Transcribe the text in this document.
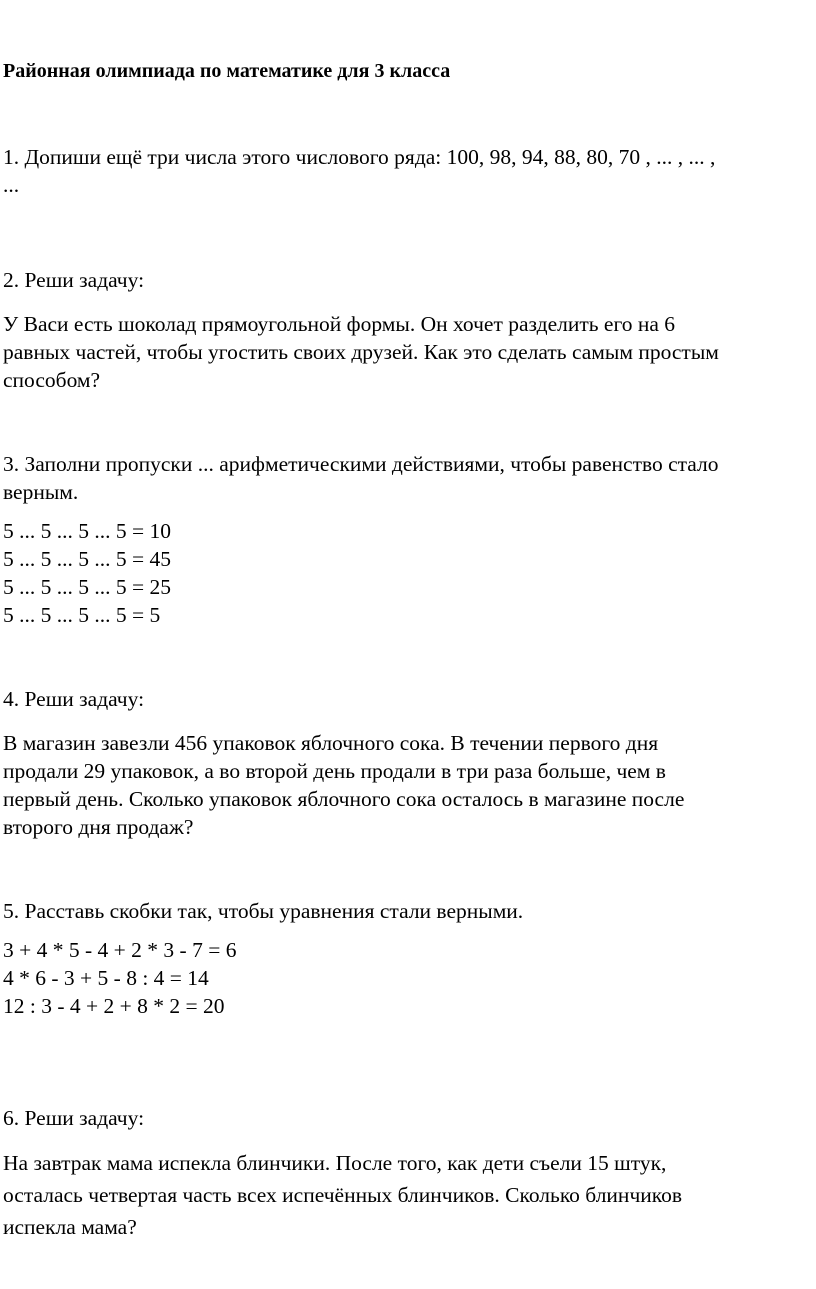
Районная олимпиада по математике для 3 класса
1. Допиши ещё три числа этого числового ряда: 100, 98, 94, 88, 80, 70 , ... , ... ,
...
2. Реши задачу:
У Васи есть шоколад прямоугольной формы. Он хочет разделить его на 6
равных частей, чтобы угостить своих друзей. Как это сделать самым простым
способом?
3. Заполни пропуски ... арифметическими действиями, чтобы равенство стало
верным.
5 ... 5 ... 5 ... 5 = 10
5 ... 5 ... 5 ... 5 = 45
5 ... 5 ... 5 ... 5 = 25
5 ... 5 ... 5 ... 5 = 5
4. Реши задачу:
В магазин завезли 456 упаковок яблочного сока. В течении первого дня
продали 29 упаковок, а во второй день продали в три раза больше, чем в
первый день. Сколько упаковок яблочного сока осталось в магазине после
второго дня продаж?
5. Расставь скобки так, чтобы уравнения стали верными.
3 + 4 * 5 - 4 + 2 * 3 - 7 = 6
4 * 6 - 3 + 5 - 8 : 4 = 14
12 : 3 - 4 + 2 + 8 * 2 = 20
6. Реши задачу:
На завтрак мама испекла блинчики. После того, как дети съели 15 штук,
осталась четвертая часть всех испечённых блинчиков. Сколько блинчиков
испекла мама?
